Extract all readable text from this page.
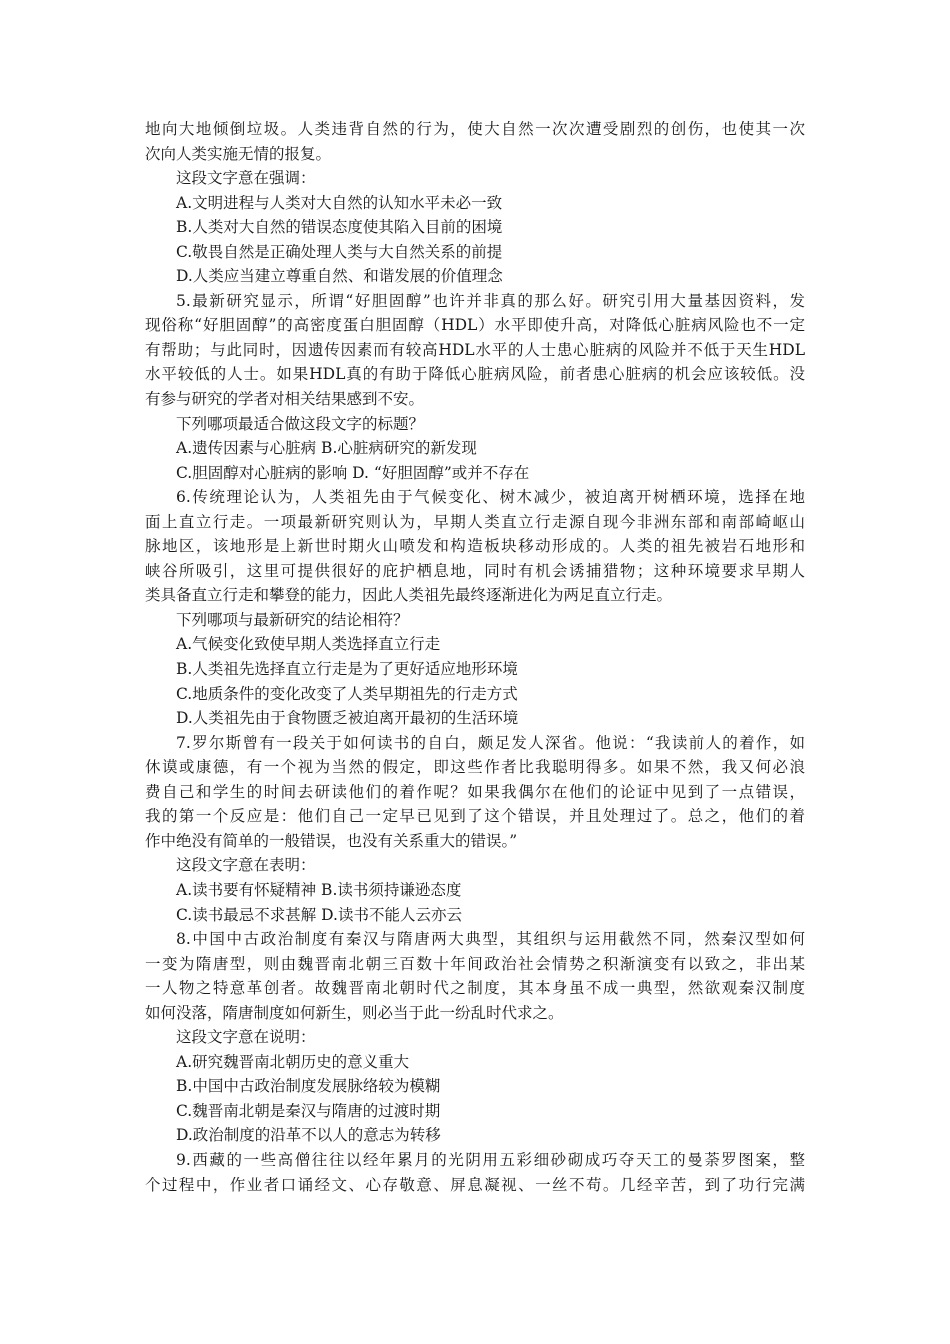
地向大地倾倒垃圾。人类违背自然的行为，使大自然一次次遭受剧烈的创伤，也使其一次
次向人类实施无情的报复。
这段文字意在强调：
A.文明进程与人类对大自然的认知水平未必一致
B.人类对大自然的错误态度使其陷入目前的困境
C.敬畏自然是正确处理人类与大自然关系的前提
D.人类应当建立尊重自然、和谐发展的价值理念
5.最新研究显示，所谓“好胆固醇”也许并非真的那么好。研究引用大量基因资料，发
现俗称“好胆固醇”的高密度蛋白胆固醇（HDL）水平即使升高，对降低心脏病风险也不一定
有帮助；与此同时，因遗传因素而有较高HDL水平的人士患心脏病的风险并不低于天生HDL
水平较低的人士。如果HDL真的有助于降低心脏病风险，前者患心脏病的机会应该较低。没
有参与研究的学者对相关结果感到不安。
下列哪项最适合做这段文字的标题？
A.遗传因素与心脏病 B.心脏病研究的新发现
C.胆固醇对心脏病的影响 D. “好胆固醇”或并不存在
6.传统理论认为，人类祖先由于气候变化、树木减少，被迫离开树栖环境，选择在地
面上直立行走。一项最新研究则认为，早期人类直立行走源自现今非洲东部和南部崎岖山
脉地区，该地形是上新世时期火山喷发和构造板块移动形成的。人类的祖先被岩石地形和
峡谷所吸引，这里可提供很好的庇护栖息地，同时有机会诱捕猎物；这种环境要求早期人
类具备直立行走和攀登的能力，因此人类祖先最终逐渐进化为两足直立行走。
下列哪项与最新研究的结论相符？
A.气候变化致使早期人类选择直立行走
B.人类祖先选择直立行走是为了更好适应地形环境
C.地质条件的变化改变了人类早期祖先的行走方式
D.人类祖先由于食物匮乏被迫离开最初的生活环境
7.罗尔斯曾有一段关于如何读书的自白，颇足发人深省。他说：“我读前人的着作，如
休谟或康德，有一个视为当然的假定，即这些作者比我聪明得多。如果不然，我又何必浪
费自己和学生的时间去研读他们的着作呢？如果我偶尔在他们的论证中见到了一点错误，
我的第一个反应是：他们自己一定早已见到了这个错误，并且处理过了。总之，他们的着
作中绝没有简单的一般错误，也没有关系重大的错误。”
这段文字意在表明：
A.读书要有怀疑精神 B.读书须持谦逊态度
C.读书最忌不求甚解 D.读书不能人云亦云
8.中国中古政治制度有秦汉与隋唐两大典型，其组织与运用截然不同，然秦汉型如何
一变为隋唐型，则由魏晋南北朝三百数十年间政治社会情势之积渐演变有以致之，非出某
一人物之特意革创者。故魏晋南北朝时代之制度，其本身虽不成一典型，然欲观秦汉制度
如何没落，隋唐制度如何新生，则必当于此一纷乱时代求之。
这段文字意在说明：
A.研究魏晋南北朝历史的意义重大
B.中国中古政治制度发展脉络较为模糊
C.魏晋南北朝是秦汉与隋唐的过渡时期
D.政治制度的沿革不以人的意志为转移
9.西藏的一些高僧往往以经年累月的光阴用五彩细砂砌成巧夺天工的曼荼罗图案，整
个过程中，作业者口诵经文、心存敬意、屏息凝视、一丝不苟。几经辛苦，到了功行完满
